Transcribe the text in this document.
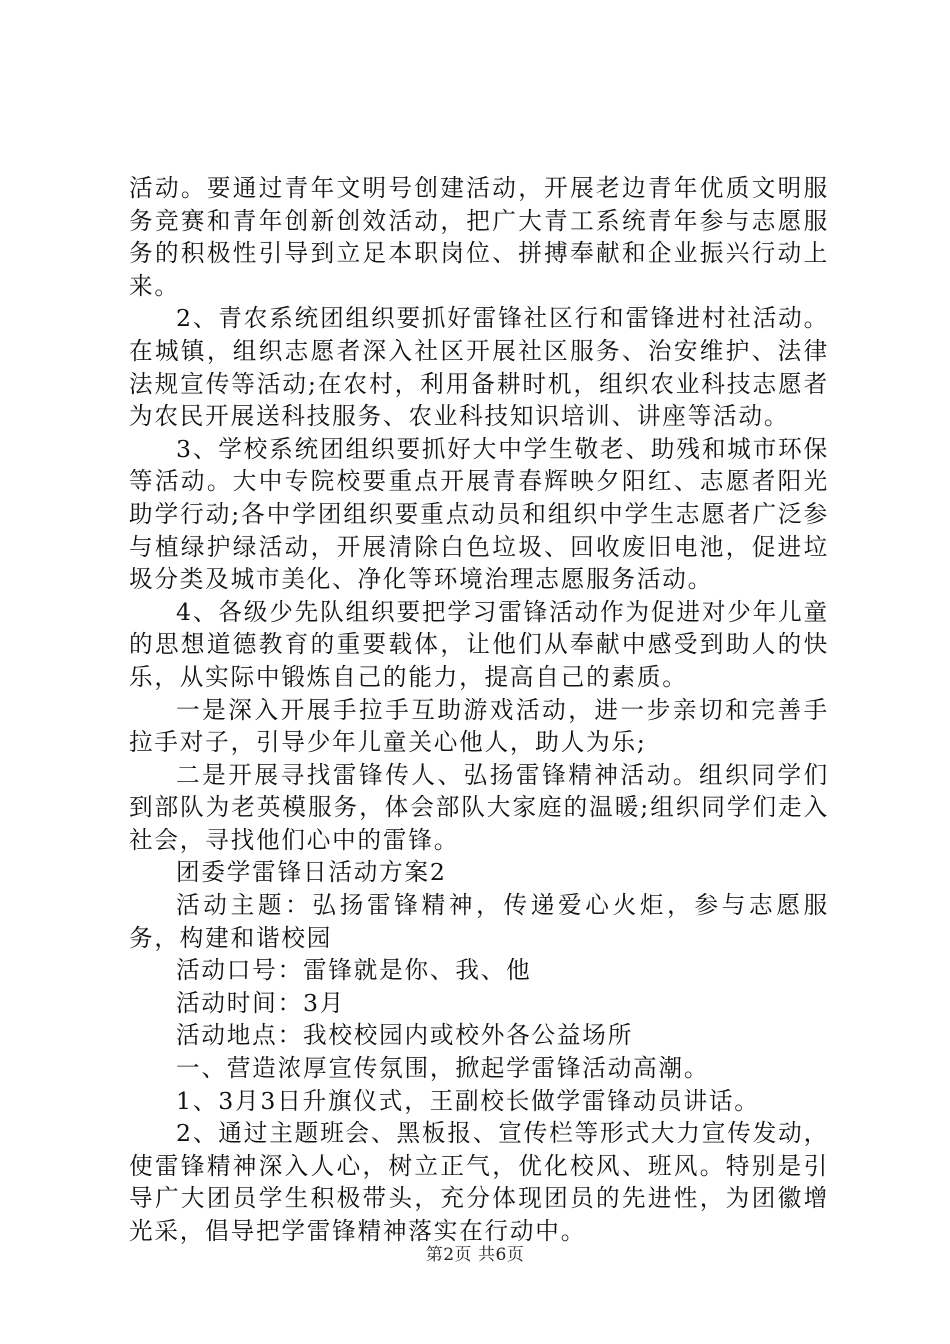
活动。要通过青年文明号创建活动，开展老边青年优质文明服务竞赛和青年创新创效活动，把广大青工系统青年参与志愿服务的积极性引导到立足本职岗位、拼搏奉献和企业振兴行动上来。

2、青农系统团组织要抓好雷锋社区行和雷锋进村社活动。在城镇，组织志愿者深入社区开展社区服务、治安维护、法律法规宣传等活动;在农村，利用备耕时机，组织农业科技志愿者为农民开展送科技服务、农业科技知识培训、讲座等活动。

3、学校系统团组织要抓好大中学生敬老、助残和城市环保等活动。大中专院校要重点开展青春辉映夕阳红、志愿者阳光助学行动;各中学团组织要重点动员和组织中学生志愿者广泛参与植绿护绿活动，开展清除白色垃圾、回收废旧电池，促进垃圾分类及城市美化、净化等环境治理志愿服务活动。

4、各级少先队组织要把学习雷锋活动作为促进对少年儿童的思想道德教育的重要载体，让他们从奉献中感受到助人的快乐，从实际中锻炼自己的能力，提高自己的素质。

一是深入开展手拉手互助游戏活动，进一步亲切和完善手拉手对子，引导少年儿童关心他人，助人为乐;

二是开展寻找雷锋传人、弘扬雷锋精神活动。组织同学们到部队为老英模服务，体会部队大家庭的温暖;组织同学们走入社会，寻找他们心中的雷锋。

团委学雷锋日活动方案2

活动主题：弘扬雷锋精神，传递爱心火炬，参与志愿服务，构建和谐校园

活动口号：雷锋就是你、我、他

活动时间：3月

活动地点：我校校园内或校外各公益场所

一、营造浓厚宣传氛围，掀起学雷锋活动高潮。

1、3月3日升旗仪式，王副校长做学雷锋动员讲话。

2、通过主题班会、黑板报、宣传栏等形式大力宣传发动，使雷锋精神深入人心，树立正气，优化校风、班风。特别是引导广大团员学生积极带头，充分体现团员的先进性，为团徽增光采，倡导把学雷锋精神落实在行动中。

第2页 共6页
